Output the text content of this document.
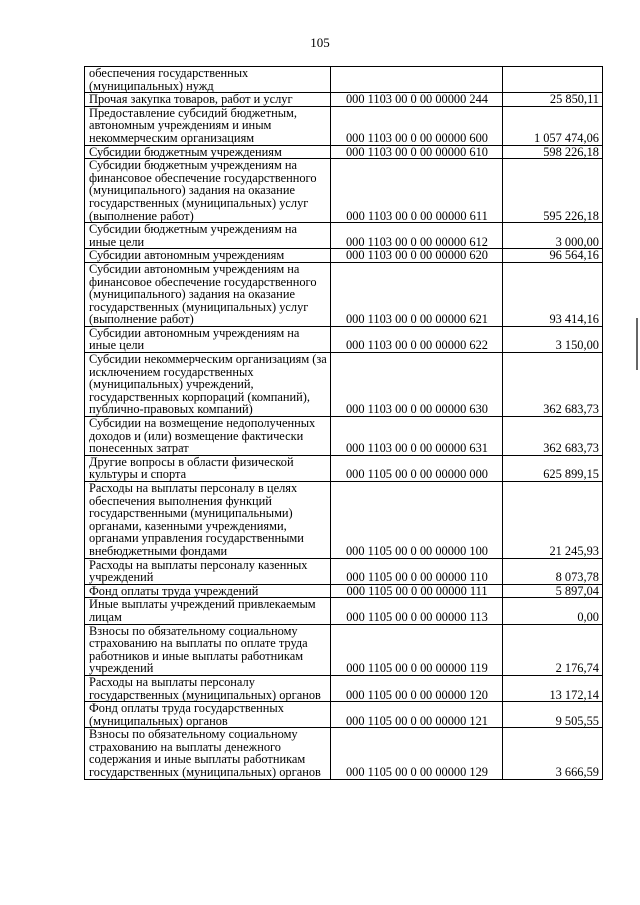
105
обеспечения государственных (муниципальных) нужд		
Прочая закупка товаров, работ и услуг	000 1103 00 0 00 00000 244	25 850,11
Предоставление субсидий бюджетным, автономным учреждениям и иным некоммерческим организациям	000 1103 00 0 00 00000 600	1 057 474,06
Субсидии бюджетным учреждениям	000 1103 00 0 00 00000 610	598 226,18
Субсидии бюджетным учреждениям на финансовое обеспечение государственного (муниципального) задания на оказание государственных (муниципальных) услуг (выполнение работ)	000 1103 00 0 00 00000 611	595 226,18
Субсидии бюджетным учреждениям на иные цели	000 1103 00 0 00 00000 612	3 000,00
Субсидии автономным учреждениям	000 1103 00 0 00 00000 620	96 564,16
Субсидии автономным учреждениям на финансовое обеспечение государственного (муниципального) задания на оказание государственных (муниципальных) услуг (выполнение работ)	000 1103 00 0 00 00000 621	93 414,16
Субсидии автономным учреждениям на иные цели	000 1103 00 0 00 00000 622	3 150,00
Субсидии некоммерческим организациям (за исключением государственных (муниципальных) учреждений, государственных корпораций (компаний), публично-правовых компаний)	000 1103 00 0 00 00000 630	362 683,73
Субсидии на возмещение недополученных доходов и (или) возмещение фактически понесенных затрат	000 1103 00 0 00 00000 631	362 683,73
Другие вопросы в области физической культуры и спорта	000 1105 00 0 00 00000 000	625 899,15
Расходы на выплаты персоналу в целях обеспечения выполнения функций государственными (муниципальными) органами, казенными учреждениями, органами управления государственными внебюджетными фондами	000 1105 00 0 00 00000 100	21 245,93
Расходы на выплаты персоналу казенных учреждений	000 1105 00 0 00 00000 110	8 073,78
Фонд оплаты труда учреждений	000 1105 00 0 00 00000 111	5 897,04
Иные выплаты учреждений привлекаемым лицам	000 1105 00 0 00 00000 113	0,00
Взносы по обязательному социальному страхованию на выплаты по оплате труда работников и иные выплаты работникам учреждений	000 1105 00 0 00 00000 119	2 176,74
Расходы на выплаты персоналу государственных (муниципальных) органов	000 1105 00 0 00 00000 120	13 172,14
Фонд оплаты труда государственных (муниципальных) органов	000 1105 00 0 00 00000 121	9 505,55
Взносы по обязательному социальному страхованию на выплаты денежного содержания и иные выплаты работникам государственных (муниципальных) органов	000 1105 00 0 00 00000 129	3 666,59
